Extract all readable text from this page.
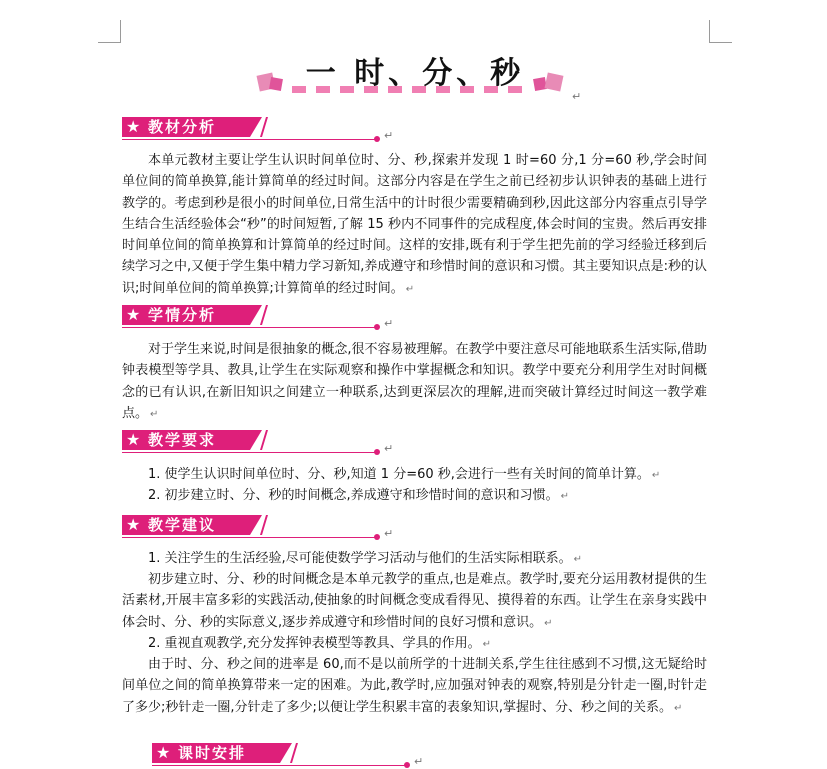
一 时、分、秒
↵
★ 教材分析	↵
本单元教材主要让学生认识时间单位时、分、秒,探索并发现 1 时=60 分,1 分=60 秒,学会时间单位间的简单换算,能计算简单的经过时间。这部分内容是在学生之前已经初步认识钟表的基础上进行教学的。考虑到秒是很小的时间单位,日常生活中的计时很少需要精确到秒,因此这部分内容重点引导学生结合生活经验体会“秒”的时间短暂,了解 15 秒内不同事件的完成程度,体会时间的宝贵。然后再安排时间单位间的简单换算和计算简单的经过时间。这样的安排,既有利于学生把先前的学习经验迁移到后续学习之中,又便于学生集中精力学习新知,养成遵守和珍惜时间的意识和习惯。其主要知识点是:秒的认识;时间单位间的简单换算;计算简单的经过时间。 ↵
★ 学情分析	↵
对于学生来说,时间是很抽象的概念,很不容易被理解。在教学中要注意尽可能地联系生活实际,借助钟表模型等学具、教具,让学生在实际观察和操作中掌握概念和知识。教学中要充分利用学生对时间概念的已有认识,在新旧知识之间建立一种联系,达到更深层次的理解,进而突破计算经过时间这一教学难点。 ↵
★ 教学要求	↵
1. 使学生认识时间单位时、分、秒,知道 1 分=60 秒,会进行一些有关时间的简单计算。 ↵
2. 初步建立时、分、秒的时间概念,养成遵守和珍惜时间的意识和习惯。 ↵
★ 教学建议	↵
1. 关注学生的生活经验,尽可能使数学学习活动与他们的生活实际相联系。 ↵
初步建立时、分、秒的时间概念是本单元教学的重点,也是难点。教学时,要充分运用教材提供的生活素材,开展丰富多彩的实践活动,使抽象的时间概念变成看得见、摸得着的东西。让学生在亲身实践中体会时、分、秒的实际意义,逐步养成遵守和珍惜时间的良好习惯和意识。 ↵
2. 重视直观教学,充分发挥钟表模型等教具、学具的作用。 ↵
由于时、分、秒之间的进率是 60,而不是以前所学的十进制关系,学生往往感到不习惯,这无疑给时间单位之间的简单换算带来一定的困难。为此,教学时,应加强对钟表的观察,特别是分针走一圈,时针走了多少;秒针走一圈,分针走了多少;以便让学生积累丰富的表象知识,掌握时、分、秒之间的关系。 ↵
★ 课时安排	↵
